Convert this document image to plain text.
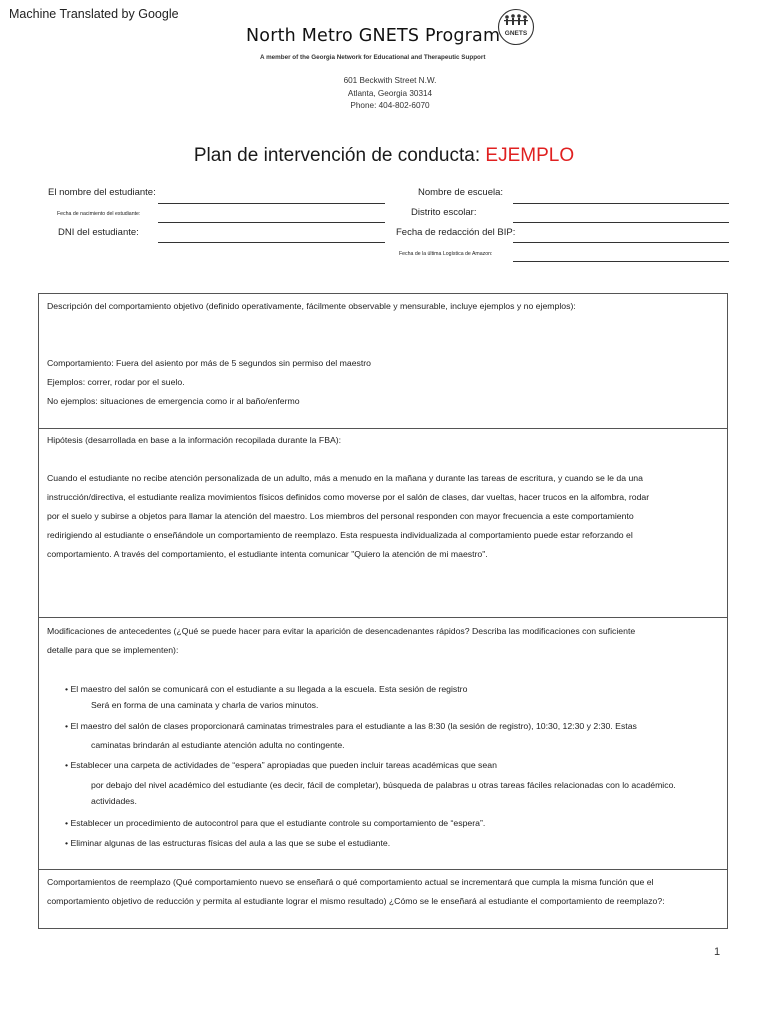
Machine Translated by Google
North Metro GNETS Program
A member of the Georgia Network for Educational and Therapeutic Support
601 Beckwith Street N.W.
Atlanta, Georgia 30314
Phone: 404-802-6070
GNETS
Plan de intervención de conducta: EJEMPLO
El nombre del estudiante:
Fecha de nacimiento del estudiante:
DNI del estudiante:
Nombre de escuela:
Distrito escolar:
Fecha de redacción del BIP:
Fecha de la última Logística de Amazon:
Descripción del comportamiento objetivo (definido operativamente, fácilmente observable y mensurable, incluye ejemplos y no ejemplos):
Comportamiento: Fuera del asiento por más de 5 segundos sin permiso del maestro
Ejemplos: correr, rodar por el suelo.
No ejemplos: situaciones de emergencia como ir al baño/enfermo
Hipótesis (desarrollada en base a la información recopilada durante la FBA):
Cuando el estudiante no recibe atención personalizada de un adulto, más a menudo en la mañana y durante las tareas de escritura, y cuando se le da una
instrucción/directiva, el estudiante realiza movimientos físicos definidos como moverse por el salón de clases, dar vueltas, hacer trucos en la alfombra, rodar
por el suelo y subirse a objetos para llamar la atención del maestro. Los miembros del personal responden con mayor frecuencia a este comportamiento
redirigiendo al estudiante o enseñándole un comportamiento de reemplazo. Esta respuesta individualizada al comportamiento puede estar reforzando el
comportamiento. A través del comportamiento, el estudiante intenta comunicar "Quiero la atención de mi maestro".
Modificaciones de antecedentes (¿Qué se puede hacer para evitar la aparición de desencadenantes rápidos? Describa las modificaciones con suficiente
detalle para que se implementen):
• El maestro del salón se comunicará con el estudiante a su llegada a la escuela. Esta sesión de registro
Será en forma de una caminata y charla de varios minutos.
• El maestro del salón de clases proporcionará caminatas trimestrales para el estudiante a las 8:30 (la sesión de registro), 10:30, 12:30 y 2:30. Estas
caminatas brindarán al estudiante atención adulta no contingente.
• Establecer una carpeta de actividades de “espera” apropiadas que pueden incluir tareas académicas que sean
por debajo del nivel académico del estudiante (es decir, fácil de completar), búsqueda de palabras u otras tareas fáciles relacionadas con lo académico.
actividades.
• Establecer un procedimiento de autocontrol para que el estudiante controle su comportamiento de “espera”.
• Eliminar algunas de las estructuras físicas del aula a las que se sube el estudiante.
Comportamientos de reemplazo (Qué comportamiento nuevo se enseñará o qué comportamiento actual se incrementará que cumpla la misma función que el
comportamiento objetivo de reducción y permita al estudiante lograr el mismo resultado) ¿Cómo se le enseñará al estudiante el comportamiento de reemplazo?:
1
